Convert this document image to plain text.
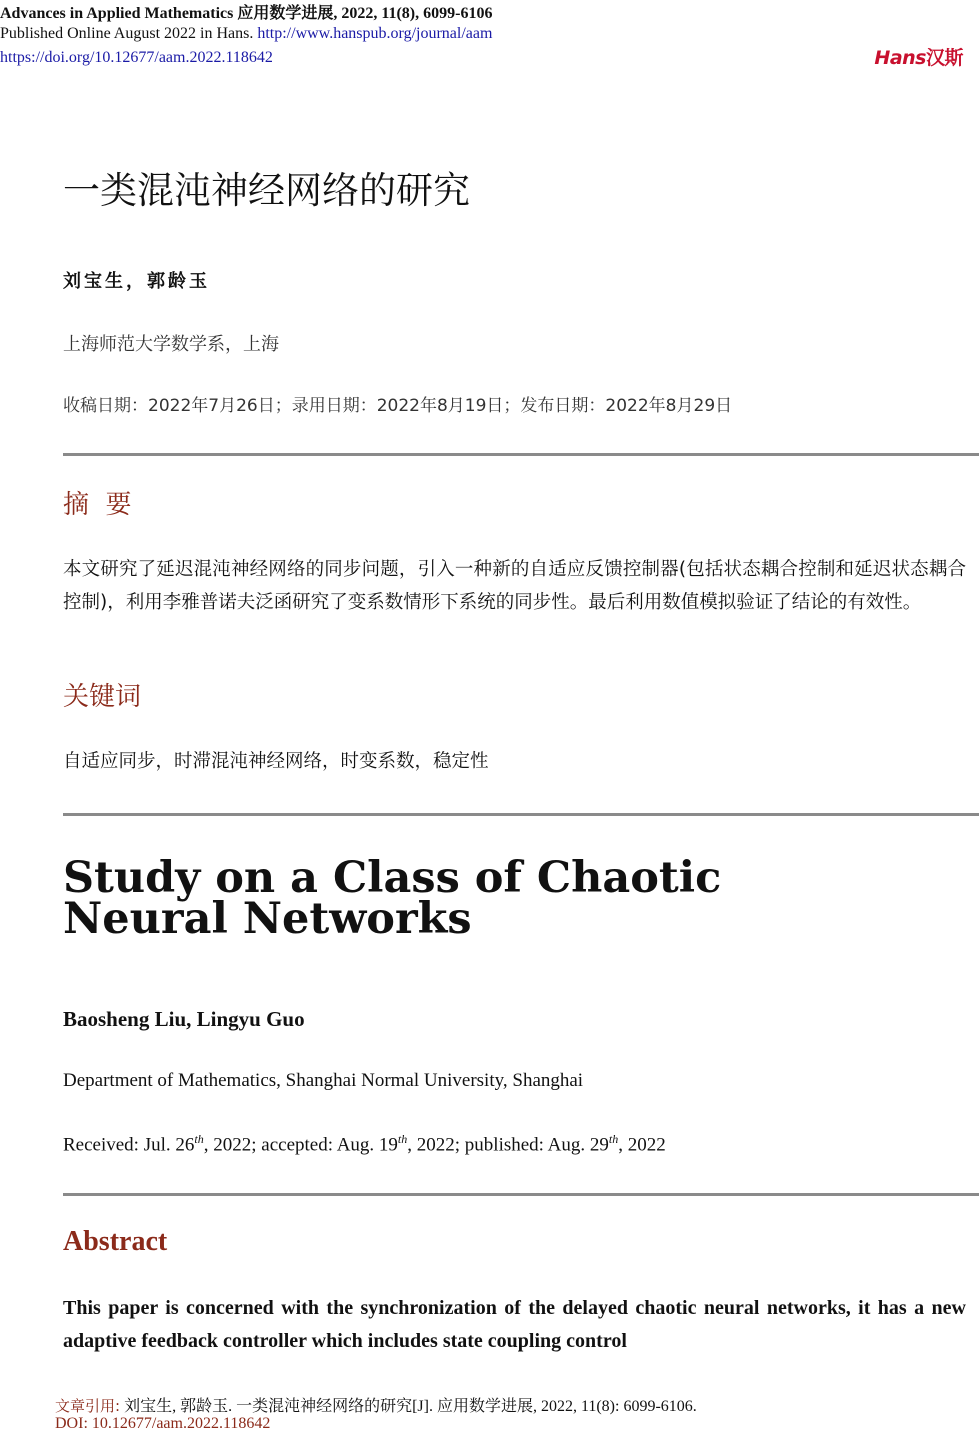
Advances in Applied Mathematics 应用数学进展, 2022, 11(8), 6099-6106
Published Online August 2022 in Hans. http://www.hanspub.org/journal/aam
https://doi.org/10.12677/aam.2022.118642	Hans汉斯
一类混沌神经网络的研究
刘宝生，郭龄玉
上海师范大学数学系，上海
收稿日期：2022年7月26日；录用日期：2022年8月19日；发布日期：2022年8月29日
摘  要
本文研究了延迟混沌神经网络的同步问题，引入一种新的自适应反馈控制器(包括状态耦合控制和延迟状态耦合控制)，利用李雅普诺夫泛函研究了变系数情形下系统的同步性。最后利用数值模拟验证了结论的有效性。
关键词
自适应同步，时滞混沌神经网络，时变系数，稳定性
Study on a Class of Chaotic
Neural Networks
Baosheng Liu, Lingyu Guo
Department of Mathematics, Shanghai Normal University, Shanghai
Received: Jul. 26th, 2022; accepted: Aug. 19th, 2022; published: Aug. 29th, 2022
Abstract
This paper is concerned with the synchronization of the delayed chaotic neural networks, it has a new adaptive feedback controller which includes state coupling control
文章引用: 刘宝生, 郭龄玉. 一类混沌神经网络的研究[J]. 应用数学进展, 2022, 11(8): 6099-6106.
DOI: 10.12677/aam.2022.118642
